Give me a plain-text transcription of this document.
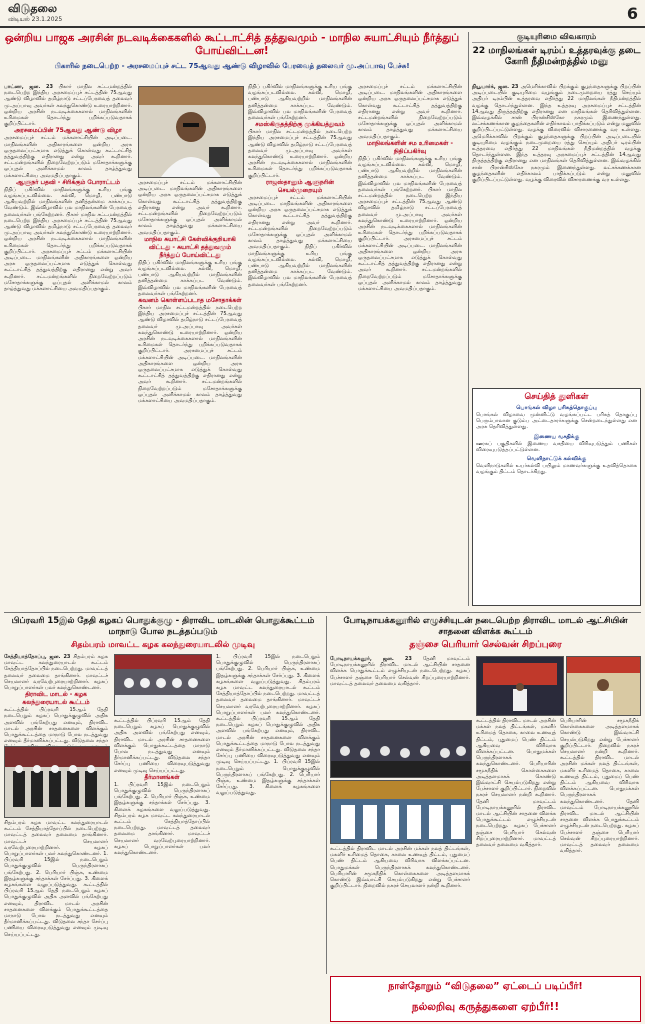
விடுதலை
விடியல் 23.1.2025	6
ஒன்றிய பாஜக அரசின் நடவடிக்கைகளில் கூட்டாட்சித் தத்துவமும் - மாநில சுயாட்சியும் நீர்த்துப் போய்விட்டன!
பிகாரில் நடைபெற்ற - அரசமைப்புச் சட்ட 75ஆவது ஆண்டு விழாவில் பேரவைத் தலைவர் மு.அப்பாவு பேச்சு!
பாட்னா, ஜன. 23 பிகார் மாநில சட்டமன்றத்தில் நடைபெற்ற இந்திய அரசமைப்புச் சட்டத்தின் 75ஆவது ஆண்டு விழாவில் தமிழ்நாடு சட்டப்பேரவைத் தலைவர் மு.அப்பாவு அவர்கள் கலந்துகொண்டு உரையாற்றினார். ஒன்றிய அரசின் நடவடிக்கைகளால் மாநிலங்களின் உரிமைகள் தொடர்ந்து பறிக்கப்படுவதாகக் குறிப்பிட்டார்.
அரசமைப்பின் 75ஆவது ஆண்டு விழா
அரசமைப்புச் சட்டம் மக்களாட்சியின் அடிப்படை. மாநிலங்களின் அதிகாரங்களை ஒன்றிய அரசு ஒருதலைப்பட்சமாக எடுத்துக் கொள்வது கூட்டாட்சித் தத்துவத்திற்கு எதிரானது என்று அவர் கூறினார். சட்டமன்றங்களில் நிறைவேற்றப்படும் மசோதாக்களுக்கு ஒப்புதல் அளிக்காமல் காலம் தாழ்த்துவது மக்களாட்சியை அவமதிப்பதாகும்.
ஆளுநர் பதவி - சிரிக்கும் போராட்டம்
நிதிப் பகிர்வில் மாநிலங்களுக்கு உரிய பங்கு வழங்கப்படவில்லை. கல்வி, மொழி, பண்பாடு ஆகியவற்றில் மாநிலங்களின் தனித்தன்மை காக்கப்பட வேண்டும். இவ்விழாவில் பல மாநிலங்களின் பேரவைத் தலைவர்கள் பங்கேற்றனர். பிகார் மாநில சட்டமன்றத்தில் நடைபெற்ற இந்திய அரசமைப்புச் சட்டத்தின் 75ஆவது ஆண்டு விழாவில் தமிழ்நாடு சட்டப்பேரவைத் தலைவர் மு.அப்பாவு அவர்கள் கலந்துகொண்டு உரையாற்றினார். ஒன்றிய அரசின் நடவடிக்கைகளால் மாநிலங்களின் உரிமைகள் தொடர்ந்து பறிக்கப்படுவதாகக் குறிப்பிட்டார். அரசமைப்புச் சட்டம் மக்களாட்சியின் அடிப்படை. மாநிலங்களின் அதிகாரங்களை ஒன்றிய அரசு ஒருதலைப்பட்சமாக எடுத்துக் கொள்வது கூட்டாட்சித் தத்துவத்திற்கு எதிரானது என்று அவர் கூறினார். சட்டமன்றங்களில் நிறைவேற்றப்படும் மசோதாக்களுக்கு ஒப்புதல் அளிக்காமல் காலம் தாழ்த்துவது மக்களாட்சியை அவமதிப்பதாகும்.
அரசமைப்புச் சட்டம் மக்களாட்சியின் அடிப்படை. மாநிலங்களின் அதிகாரங்களை ஒன்றிய அரசு ஒருதலைப்பட்சமாக எடுத்துக் கொள்வது கூட்டாட்சித் தத்துவத்திற்கு எதிரானது என்று அவர் கூறினார். சட்டமன்றங்களில் நிறைவேற்றப்படும் மசோதாக்களுக்கு ஒப்புதல் அளிக்காமல் காலம் தாழ்த்துவது மக்களாட்சியை அவமதிப்பதாகும்.
மாநில சுயாட்சி கேள்விக்குறியாகி விட்டது - சுயாட்சி தத்துவமும் நீர்த்துப் போய்விட்டது
நிதிப் பகிர்வில் மாநிலங்களுக்கு உரிய பங்கு வழங்கப்படவில்லை. கல்வி, மொழி, பண்பாடு ஆகியவற்றில் மாநிலங்களின் தனித்தன்மை காக்கப்பட வேண்டும். இவ்விழாவில் பல மாநிலங்களின் பேரவைத் தலைவர்கள் பங்கேற்றனர்.
கவனம் கொள்ளப்படாத மசோதாக்கள்
பிகார் மாநில சட்டமன்றத்தில் நடைபெற்ற இந்திய அரசமைப்புச் சட்டத்தின் 75ஆவது ஆண்டு விழாவில் தமிழ்நாடு சட்டப்பேரவைத் தலைவர் மு.அப்பாவு அவர்கள் கலந்துகொண்டு உரையாற்றினார். ஒன்றிய அரசின் நடவடிக்கைகளால் மாநிலங்களின் உரிமைகள் தொடர்ந்து பறிக்கப்படுவதாகக் குறிப்பிட்டார்.	அரசமைப்புச் சட்டம் மக்களாட்சியின் அடிப்படை. மாநிலங்களின் அதிகாரங்களை ஒன்றிய அரசு ஒருதலைப்பட்சமாக எடுத்துக் கொள்வது கூட்டாட்சித் தத்துவத்திற்கு எதிரானது என்று அவர் கூறினார். சட்டமன்றங்களில் நிறைவேற்றப்படும் மசோதாக்களுக்கு ஒப்புதல் அளிக்காமல் காலம் தாழ்த்துவது மக்களாட்சியை அவமதிப்பதாகும்.
நிதிப் பகிர்வில் மாநிலங்களுக்கு உரிய பங்கு வழங்கப்படவில்லை. கல்வி, மொழி, பண்பாடு ஆகியவற்றில் மாநிலங்களின் தனித்தன்மை காக்கப்பட வேண்டும். இவ்விழாவில் பல மாநிலங்களின் பேரவைத் தலைவர்கள் பங்கேற்றனர்.
சமஸ்கிருதத்திற்கு முக்கியத்துவம்
பிகார் மாநில சட்டமன்றத்தில் நடைபெற்ற இந்திய அரசமைப்புச் சட்டத்தின் 75ஆவது ஆண்டு விழாவில் தமிழ்நாடு சட்டப்பேரவைத் தலைவர் மு.அப்பாவு அவர்கள் கலந்துகொண்டு உரையாற்றினார். ஒன்றிய அரசின் நடவடிக்கைகளால் மாநிலங்களின் உரிமைகள் தொடர்ந்து பறிக்கப்படுவதாகக் குறிப்பிட்டார்.
ராஜஸ்தானும் ஆளுநரின் செயல்முறையும்
அரசமைப்புச் சட்டம் மக்களாட்சியின் அடிப்படை. மாநிலங்களின் அதிகாரங்களை ஒன்றிய அரசு ஒருதலைப்பட்சமாக எடுத்துக் கொள்வது கூட்டாட்சித் தத்துவத்திற்கு எதிரானது என்று அவர் கூறினார். சட்டமன்றங்களில் நிறைவேற்றப்படும் மசோதாக்களுக்கு ஒப்புதல் அளிக்காமல் காலம் தாழ்த்துவது மக்களாட்சியை அவமதிப்பதாகும்.	நிதிப் பகிர்வில் மாநிலங்களுக்கு உரிய பங்கு வழங்கப்படவில்லை. கல்வி, மொழி, பண்பாடு ஆகியவற்றில் மாநிலங்களின் தனித்தன்மை காக்கப்பட வேண்டும். இவ்விழாவில் பல மாநிலங்களின் பேரவைத் தலைவர்கள் பங்கேற்றனர்.
அரசமைப்புச் சட்டம் மக்களாட்சியின் அடிப்படை. மாநிலங்களின் அதிகாரங்களை ஒன்றிய அரசு ஒருதலைப்பட்சமாக எடுத்துக் கொள்வது கூட்டாட்சித் தத்துவத்திற்கு எதிரானது என்று அவர் கூறினார். சட்டமன்றங்களில் நிறைவேற்றப்படும் மசோதாக்களுக்கு ஒப்புதல் அளிக்காமல் காலம் தாழ்த்துவது மக்களாட்சியை அவமதிப்பதாகும்.
மாநிலங்களின் சம உரிமைகள் - நிதிப்பகிர்வு
நிதிப் பகிர்வில் மாநிலங்களுக்கு உரிய பங்கு வழங்கப்படவில்லை. கல்வி, மொழி, பண்பாடு ஆகியவற்றில் மாநிலங்களின் தனித்தன்மை காக்கப்பட வேண்டும். இவ்விழாவில் பல மாநிலங்களின் பேரவைத் தலைவர்கள் பங்கேற்றனர். பிகார் மாநில சட்டமன்றத்தில் நடைபெற்ற இந்திய அரசமைப்புச் சட்டத்தின் 75ஆவது ஆண்டு விழாவில் தமிழ்நாடு சட்டப்பேரவைத் தலைவர் மு.அப்பாவு அவர்கள் கலந்துகொண்டு உரையாற்றினார். ஒன்றிய அரசின் நடவடிக்கைகளால் மாநிலங்களின் உரிமைகள் தொடர்ந்து பறிக்கப்படுவதாகக் குறிப்பிட்டார்.	அரசமைப்புச் சட்டம் மக்களாட்சியின் அடிப்படை. மாநிலங்களின் அதிகாரங்களை ஒன்றிய அரசு ஒருதலைப்பட்சமாக எடுத்துக் கொள்வது கூட்டாட்சித் தத்துவத்திற்கு எதிரானது என்று அவர் கூறினார். சட்டமன்றங்களில் நிறைவேற்றப்படும் மசோதாக்களுக்கு ஒப்புதல் அளிக்காமல் காலம் தாழ்த்துவது மக்களாட்சியை அவமதிப்பதாகும்.
குடியுரிமை விவகாரம்
22 மாநிலங்கள் டிரம்ப் உத்தரவுக்கு தடை கோரி நீதிமன்றத்தில் மனு
நியூயார்க், ஜன. 23 அமெரிக்காவில் பிறக்கும் குழந்தைகளுக்கு பிறப்பின் அடிப்படையில் குடியுரிமை வழங்கும் நடைமுறையை ரத்து செய்யும் அதிபர் டிரம்பின் உத்தரவை எதிர்த்து 22 மாநிலங்கள் நீதிமன்றத்தில் வழக்கு தொடர்ந்துள்ளன. இந்த உத்தரவு அரசமைப்புச் சட்டத்தின் 14ஆவது திருத்தத்திற்கு எதிரானது என மாநிலங்கள் தெரிவித்துள்ளன. இவ்வழக்கில் சான் பிரான்சிஸ்கோ நகரமும் இணைந்துள்ளது. லட்சக்கணக்கான குழந்தைகளின் எதிர்காலம் பாதிக்கப்படும் என்று மனுவில் குறிப்பிடப்பட்டுள்ளது. வழக்கு விரைவில் விசாரணைக்கு வர உள்ளது. அமெரிக்காவில் பிறக்கும் குழந்தைகளுக்கு பிறப்பின் அடிப்படையில் குடியுரிமை வழங்கும் நடைமுறையை ரத்து செய்யும் அதிபர் டிரம்பின் உத்தரவை எதிர்த்து 22 மாநிலங்கள் நீதிமன்றத்தில் வழக்கு தொடர்ந்துள்ளன. இந்த உத்தரவு அரசமைப்புச் சட்டத்தின் 14ஆவது திருத்தத்திற்கு எதிரானது என மாநிலங்கள் தெரிவித்துள்ளன. இவ்வழக்கில் சான் பிரான்சிஸ்கோ நகரமும் இணைந்துள்ளது. லட்சக்கணக்கான குழந்தைகளின் எதிர்காலம் பாதிக்கப்படும் என்று மனுவில் குறிப்பிடப்பட்டுள்ளது. வழக்கு விரைவில் விசாரணைக்கு வர உள்ளது.
செய்தித் துளிகள்
பொங்கல் விழா பரிசுத்தொகுப்பு
பொங்கல் விழாவை முன்னிட்டு வழங்கப்பட்ட பரிசுத் தொகுப்பு பெரும்பாலான குடும்ப அட்டைதாரர்களுக்கு சென்றடைந்துள்ளது என அரசு தெரிவித்துள்ளது.
இணைய வசதிக்கு
ஊரகப் பகுதிகளில் இணைய வசதியை விரிவுபடுத்தும் பணிகள் விரைவுபடுத்தப்பட்டுள்ளன.
வெளிநாட்டுக் கல்விக்கு
வெளிநாடுகளில் உயர்கல்வி பயிலும் மாணவர்களுக்கு உதவித்தொகை வழங்கும் திட்டம் தொடர்கிறது.
பிப்ரவரி 15இல் தேதி கழகப் பொதுக்குழு - திராவிட மாடலின் பொதுக்கூட்டம் மாநாடு போல நடத்தப்படும்
சிதம்பரம் மாவட்ட கழக கலந்துரையாடலில் முடிவு
சேத்தியாத்தோப்பு, ஜன. 23 சிதம்பரம் கழக மாவட்ட கலந்துரையாடல் கூட்டம் சேத்தியாத்தோப்பில் நடைபெற்றது. மாவட்டத் தலைவர் தலைமை தாங்கினார். மாவட்டச் செயலாளர் வரவேற்புரையாற்றினார். கழகப் பொறுப்பாளர்கள் பலர் கலந்துகொண்டனர்.
திராவிட மாடல் - கழக கலந்துரையாடல் கூட்டம்
கூட்டத்தில் பிப்ரவரி 15ஆம் தேதி நடைபெறும் கழகப் பொதுக்குழுவில் அதிக அளவில் பங்கேற்பது எனவும், திராவிட மாடல் அரசின் சாதனைகளை விளக்கும் பொதுக்கூட்டத்தை மாநாடு போல நடத்துவது எனவும் தீர்மானிக்கப்பட்டது. விடுதலை சந்தா
கூட்டத்தில் பிப்ரவரி 15ஆம் தேதி நடைபெறும் கழகப் பொதுக்குழுவில் அதிக அளவில் பங்கேற்பது எனவும், திராவிட மாடல் அரசின் சாதனைகளை விளக்கும் பொதுக்கூட்டத்தை மாநாடு போல நடத்துவது எனவும் தீர்மானிக்கப்பட்டது. விடுதலை சந்தா சேர்ப்பு பணியை விரைவுபடுத்துவது எனவும் முடிவு செய்யப்பட்டது.
தீர்மானங்கள்
1. பிப்ரவரி 15இல் நடைபெறும் பொதுக்குழுவில் பெருந்திரளாகப் பங்கேற்பது. 2. பெரியார் பிஞ்சு, உண்மை இதழ்களுக்கு சந்தாக்கள் சேர்ப்பது. 3. கிளைக் கழகங்களை வலுப்படுத்துவது. சிதம்பரம் கழக மாவட்ட கலந்துரையாடல் கூட்டம் சேத்தியாத்தோப்பில் நடைபெற்றது. மாவட்டத் தலைவர் தலைமை தாங்கினார். மாவட்டச் செயலாளர் வரவேற்புரையாற்றினார். கழகப் பொறுப்பாளர்கள் பலர் கலந்துகொண்டனர்.
1. பிப்ரவரி 15இல் நடைபெறும் பொதுக்குழுவில் பெருந்திரளாகப் பங்கேற்பது. 2. பெரியார் பிஞ்சு, உண்மை இதழ்களுக்கு சந்தாக்கள் சேர்ப்பது. 3. கிளைக் கழகங்களை வலுப்படுத்துவது. சிதம்பரம் கழக மாவட்ட கலந்துரையாடல் கூட்டம் சேத்தியாத்தோப்பில் நடைபெற்றது. மாவட்டத் தலைவர் தலைமை தாங்கினார். மாவட்டச் செயலாளர் வரவேற்புரையாற்றினார். கழகப் பொறுப்பாளர்கள் பலர் கலந்துகொண்டனர். கூட்டத்தில் பிப்ரவரி 15ஆம் தேதி நடைபெறும் கழகப் பொதுக்குழுவில் அதிக அளவில் பங்கேற்பது எனவும், திராவிட மாடல் அரசின் சாதனைகளை விளக்கும் பொதுக்கூட்டத்தை மாநாடு போல நடத்துவது எனவும் தீர்மானிக்கப்பட்டது. விடுதலை சந்தா சேர்ப்பு பணியை விரைவுபடுத்துவது எனவும் முடிவு செய்யப்பட்டது. 1. பிப்ரவரி 15இல் நடைபெறும் பொதுக்குழுவில் பெருந்திரளாகப் பங்கேற்பது. 2. பெரியார் பிஞ்சு, உண்மை இதழ்களுக்கு சந்தாக்கள் சேர்ப்பது. 3. கிளைக் கழகங்களை வலுப்படுத்துவது.
சிதம்பரம் கழக மாவட்ட கலந்துரையாடல் கூட்டம் சேத்தியாத்தோப்பில் நடைபெற்றது. மாவட்டத் தலைவர் தலைமை தாங்கினார். மாவட்டச் செயலாளர் வரவேற்புரையாற்றினார். கழகப் பொறுப்பாளர்கள் பலர் கலந்துகொண்டனர். 1. பிப்ரவரி 15இல் நடைபெறும் பொதுக்குழுவில் பெருந்திரளாகப் பங்கேற்பது. 2. பெரியார் பிஞ்சு, உண்மை இதழ்களுக்கு சந்தாக்கள் சேர்ப்பது. 3. கிளைக் கழகங்களை வலுப்படுத்துவது. கூட்டத்தில் பிப்ரவரி 15ஆம் தேதி நடைபெறும் கழகப் பொதுக்குழுவில் அதிக அளவில் பங்கேற்பது எனவும், திராவிட மாடல் அரசின் சாதனைகளை விளக்கும் பொதுக்கூட்டத்தை மாநாடு போல நடத்துவது எனவும் தீர்மானிக்கப்பட்டது. விடுதலை சந்தா சேர்ப்பு பணியை விரைவுபடுத்துவது எனவும் முடிவு செய்யப்பட்டது.
போடிநாயக்கனூரில் எழுச்சியுடன் நடைபெற்ற திராவிட மாடல் ஆட்சியின் சாதனை விளக்க கூட்டம்
தஞ்சை பெரியார் செல்வன் சிறப்புரை
போடிநாயக்கனூர், ஜன. 23 தேனி மாவட்டம் போடிநாயக்கனூரில் திராவிட மாடல் ஆட்சியின் சாதனை விளக்க பொதுக்கூட்டம் எழுச்சியுடன் நடைபெற்றது. கழகப் பேச்சாளர் தஞ்சை பெரியார் செல்வன் சிறப்புரையாற்றினார். மாவட்டத் தலைவர் தலைமை வகித்தார்.
கூட்டத்தில் திராவிட மாடல் அரசின் மக்கள் நலத் திட்டங்கள், மகளிர் உரிமைத் தொகை, காலை உணவுத் திட்டம், புதுமைப் பெண் திட்டம் ஆகியவை விரிவாக விளக்கப்பட்டன. பொதுமக்கள் பெருந்திரளாகக் கலந்துகொண்டனர். பெரியாரின் சமூகநீதிக் கொள்கைகளை அடித்தளமாகக் கொண்டு இவ்வாட்சி செயல்படுகிறது என்று பேச்சாளர் குறிப்பிட்டார். நிறைவில் நகரச் செயலாளர் நன்றி கூறினார். தேனி மாவட்டம் போடிநாயக்கனூரில் திராவிட மாடல் ஆட்சியின் சாதனை விளக்க பொதுக்கூட்டம் எழுச்சியுடன் நடைபெற்றது. கழகப் பேச்சாளர் தஞ்சை பெரியார் செல்வன் சிறப்புரையாற்றினார். மாவட்டத் தலைவர் தலைமை வகித்தார்.
பெரியாரின் சமூகநீதிக் கொள்கைகளை அடித்தளமாகக் கொண்டு இவ்வாட்சி செயல்படுகிறது என்று பேச்சாளர் குறிப்பிட்டார். நிறைவில் நகரச் செயலாளர் நன்றி கூறினார். கூட்டத்தில் திராவிட மாடல் அரசின் மக்கள் நலத் திட்டங்கள், மகளிர் உரிமைத் தொகை, காலை உணவுத் திட்டம், புதுமைப் பெண் திட்டம் ஆகியவை விரிவாக விளக்கப்பட்டன. பொதுமக்கள் பெருந்திரளாகக் கலந்துகொண்டனர்.	தேனி மாவட்டம் போடிநாயக்கனூரில் திராவிட மாடல் ஆட்சியின் சாதனை விளக்க பொதுக்கூட்டம் எழுச்சியுடன் நடைபெற்றது. கழகப் பேச்சாளர் தஞ்சை பெரியார் செல்வன் சிறப்புரையாற்றினார். மாவட்டத் தலைவர் தலைமை வகித்தார்.
கூட்டத்தில் திராவிட மாடல் அரசின் மக்கள் நலத் திட்டங்கள், மகளிர் உரிமைத் தொகை, காலை உணவுத் திட்டம், புதுமைப் பெண் திட்டம் ஆகியவை விரிவாக விளக்கப்பட்டன. பொதுமக்கள் பெருந்திரளாகக் கலந்துகொண்டனர். பெரியாரின் சமூகநீதிக் கொள்கைகளை அடித்தளமாகக் கொண்டு இவ்வாட்சி செயல்படுகிறது என்று பேச்சாளர் குறிப்பிட்டார். நிறைவில் நகரச் செயலாளர் நன்றி கூறினார்.
நாள்தோறும் “விடுதலை” ஏட்டைப் படிப்பீர்!
நல்லறிவு கருத்துகளை ஏற்பீர்!!
